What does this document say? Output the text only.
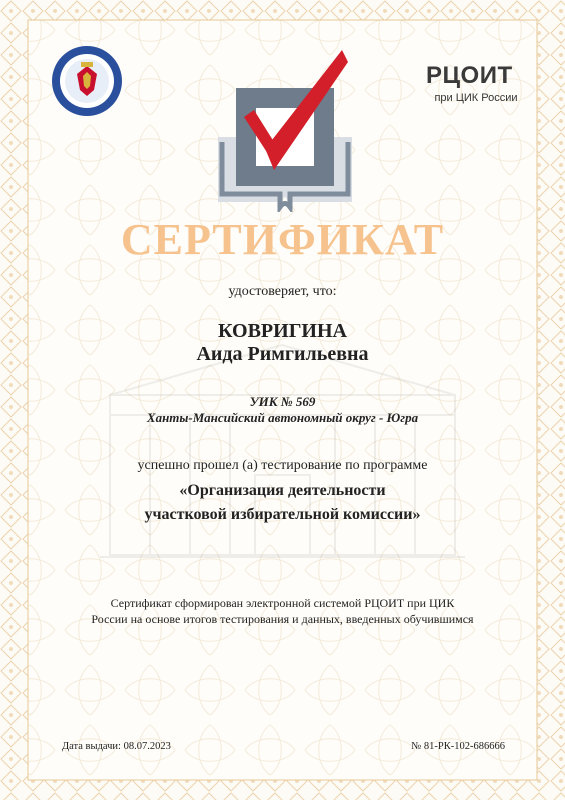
РЦОИТ
при ЦИК России
СЕРТИФИКАТ
удостоверяет, что:
КОВРИГИНА
Аида Римгильевна
УИК № 569
Ханты-Мансийский автономный округ - Югра
успешно прошел (а) тестирование по программе
«Организация деятельности
участковой избирательной комиссии»
Сертификат сформирован электронной системой РЦОИТ при ЦИК
России на основе итогов тестирования и данных, введенных обучившимся
Дата выдачи: 08.07.2023	№ 81-РК-102-686666
